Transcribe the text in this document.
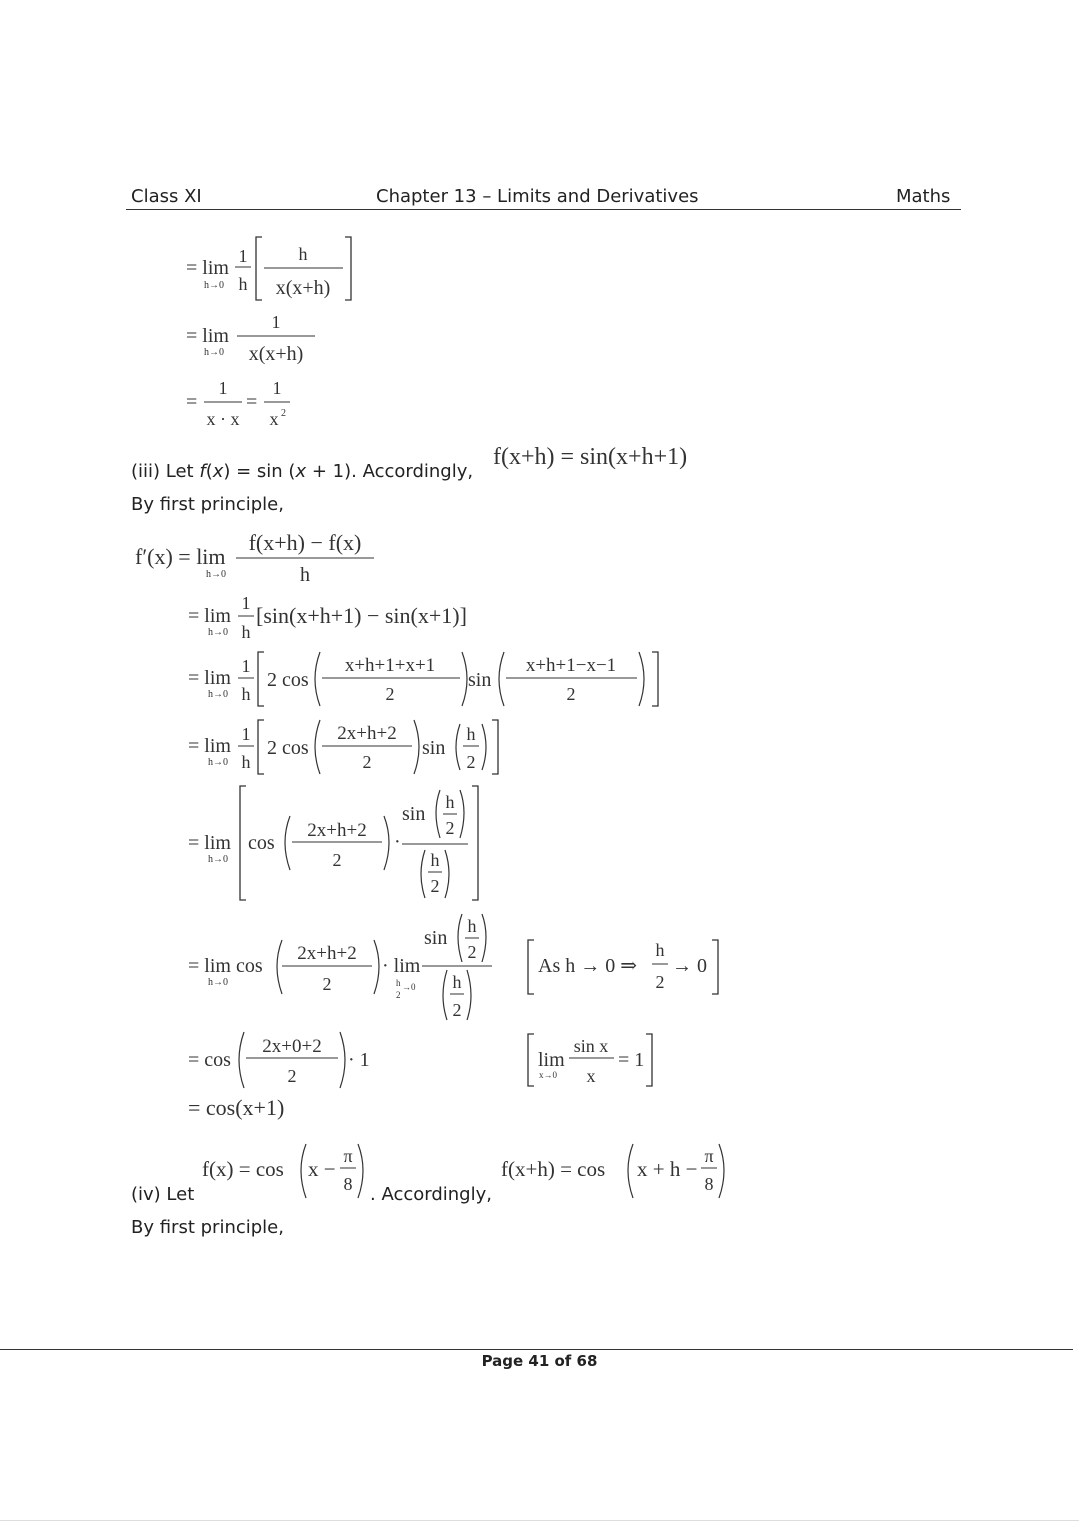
Class XI	Chapter 13 – Limits and Derivatives	Maths
= lim
h→0
1
h
h
x(x+h)
= lim
h→0
1
x(x+h)
=
1
x · x
=
1
x 2
(iii) Let f(x) = sin (x + 1). Accordingly,
f(x+h) = sin(x+h+1)
By first principle,
f′(x) = lim
h→0
f(x+h) − f(x)
h
= lim
h→0
1
h
[sin(x+h+1) − sin(x+1)]
= lim
h→0
1
h
2 cos
x+h+1+x+1
2
sin
x+h+1−x−1
2
= lim
h→0
1
h
2 cos
2x+h+2
2
sin
h
2
= lim
h→0
cos
2x+h+2
2
·
sin
h
2
h
2
= lim cos
h→0
2x+h+2
2
· lim
h
2
→0
sin
h
2
h
2
As h → 0 ⇒
h
2
→ 0
= cos
2x+0+2
2
· 1	lim
x→0
sin x
x
= 1
= cos(x+1)
(iv) Let
f(x) = cos x −
π
8 . Accordingly,
f(x+h) = cos x + h −
π
8
By first principle,
Page 41 of 68
